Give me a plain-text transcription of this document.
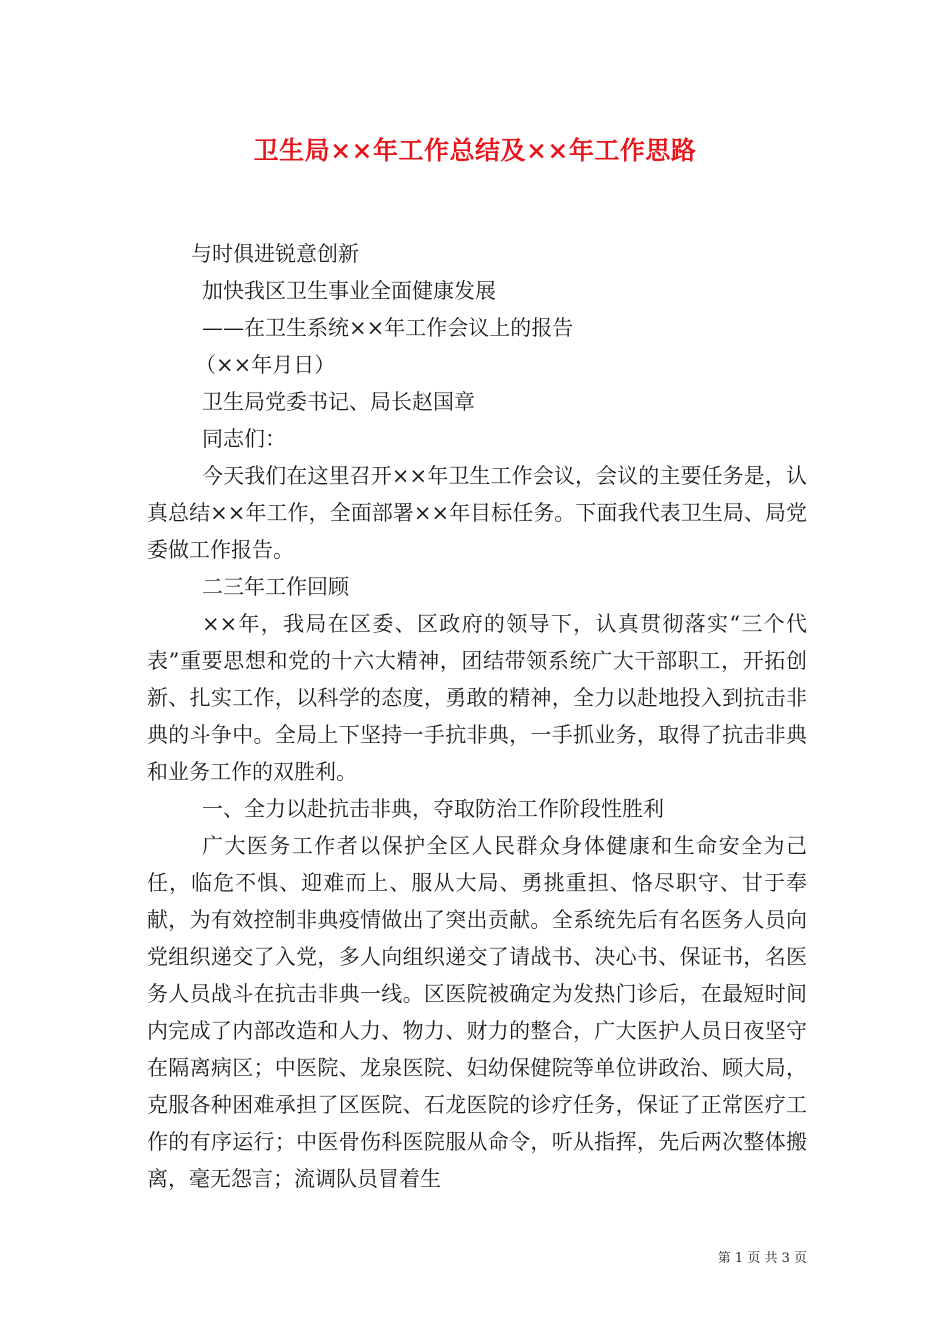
卫生局××年工作总结及××年工作思路

与时俱进锐意创新

加快我区卫生事业全面健康发展

——在卫生系统××年工作会议上的报告

（××年月日）

卫生局党委书记、局长赵国章

同志们：

今天我们在这里召开××年卫生工作会议，会议的主要任务是，认真总结××年工作，全面部署××年目标任务。下面我代表卫生局、局党委做工作报告。

二三年工作回顾

××年，我局在区委、区政府的领导下，认真贯彻落实“三个代表”重要思想和党的十六大精神，团结带领系统广大干部职工，开拓创新、扎实工作，以科学的态度，勇敢的精神，全力以赴地投入到抗击非典的斗争中。全局上下坚持一手抗非典，一手抓业务，取得了抗击非典和业务工作的双胜利。

一、全力以赴抗击非典，夺取防治工作阶段性胜利

广大医务工作者以保护全区人民群众身体健康和生命安全为己任，临危不惧、迎难而上、服从大局、勇挑重担、恪尽职守、甘于奉献，为有效控制非典疫情做出了突出贡献。全系统先后有名医务人员向党组织递交了入党，多人向组织递交了请战书、决心书、保证书，名医务人员战斗在抗击非典一线。区医院被确定为发热门诊后，在最短时间内完成了内部改造和人力、物力、财力的整合，广大医护人员日夜坚守在隔离病区；中医院、龙泉医院、妇幼保健院等单位讲政治、顾大局，克服各种困难承担了区医院、石龙医院的诊疗任务，保证了正常医疗工作的有序运行；中医骨伤科医院服从命令，听从指挥，先后两次整体搬离，毫无怨言；流调队员冒着生

第 1 页 共 3 页
